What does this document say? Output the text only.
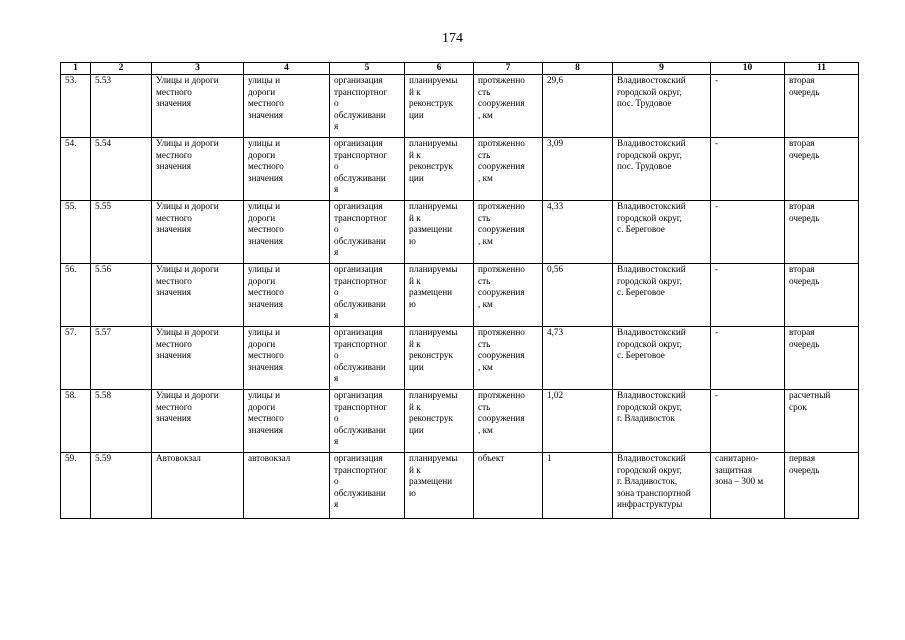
174
1	2	3	4	5	6	7	8	9	10	11
53.	5.53	Улицы и дороги
местного
значения	улицы и
дороги
местного
значения	организация
транспортног
о
обслуживани
я	планируемы
й к
реконструк
ции	протяженно
сть
сооружения
, км	29,6	Владивостокский
городской округ,
пос. Трудовое	-	вторая
очередь
54.	5.54	Улицы и дороги
местного
значения	улицы и
дороги
местного
значения	организация
транспортног
о
обслуживани
я	планируемы
й к
реконструк
ции	протяженно
сть
сооружения
, км	3,09	Владивостокский
городской округ,
пос. Трудовое	-	вторая
очередь
55.	5.55	Улицы и дороги
местного
значения	улицы и
дороги
местного
значения	организация
транспортног
о
обслуживани
я	планируемы
й к
размещени
ю	протяженно
сть
сооружения
, км	4,33	Владивостокский
городской округ,
с. Береговое	-	вторая
очередь
56.	5.56	Улицы и дороги
местного
значения	улицы и
дороги
местного
значения	организация
транспортног
о
обслуживани
я	планируемы
й к
размещени
ю	протяженно
сть
сооружения
, км	0,56	Владивостокский
городской округ,
с. Береговое	-	вторая
очередь
57.	5.57	Улицы и дороги
местного
значения	улицы и
дороги
местного
значения	организация
транспортног
о
обслуживани
я	планируемы
й к
реконструк
ции	протяженно
сть
сооружения
, км	4,73	Владивостокский
городской округ,
с. Береговое	-	вторая
очередь
58.	5.58	Улицы и дороги
местного
значения	улицы и
дороги
местного
значения	организация
транспортног
о
обслуживани
я	планируемы
й к
реконструк
ции	протяженно
сть
сооружения
, км	1,02	Владивостокский
городской округ,
г. Владивосток	-	расчетный
срок
59.	5.59	Автовокзал	автовокзал	организация
транспортног
о
обслуживани
я	планируемы
й к
размещени
ю	объект	1	Владивостокский
городской округ,
г. Владивосток,
зона транспортной
инфраструктуры	санитарно-
защитная
зона – 300 м	первая
очередь
